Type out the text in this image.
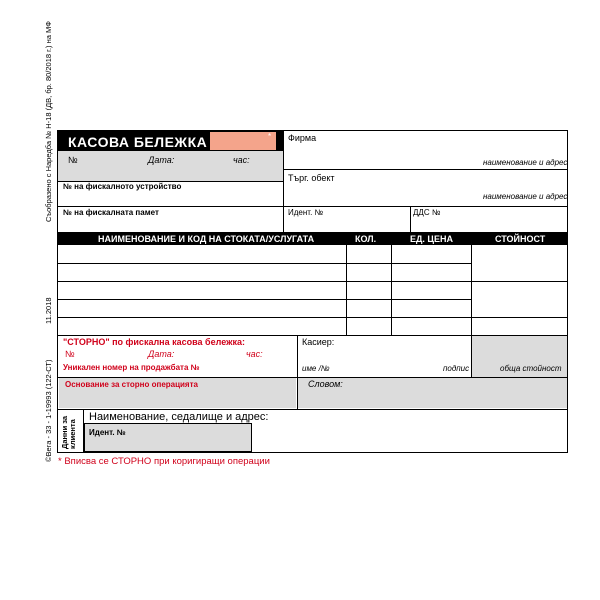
Съобразено с Наредба № Н-18 (ДВ, бр. 80/2018 г.) на МФ
11.2018
©Вега - 33 - 1-19993 (122-СТ)
КАСОВА БЕЛЕЖКА	*
№	Дата:	час:
№ на фискалното устройство
№ на фискалната памет
Фирма
наименование и адрес
Търг. обект
наименование и адрес
Идент. №	ДДС №
НАИМЕНОВАНИЕ И КОД НА СТОКАТА/УСЛУГАТА	КОЛ.	ЕД. ЦЕНА	СТОЙНОСТ
"СТОРНО" по фискална касова бележка:
№	Дата:	час:
Уникален номер на продажбата №
Основание за сторно операцията
Касиер:
име /№	подпис	обща стойност
Словом:
Данни за
клиента
Наименование, седалище и адрес:
Идент. №
* Вписва се СТОРНО при коригиращи операции
